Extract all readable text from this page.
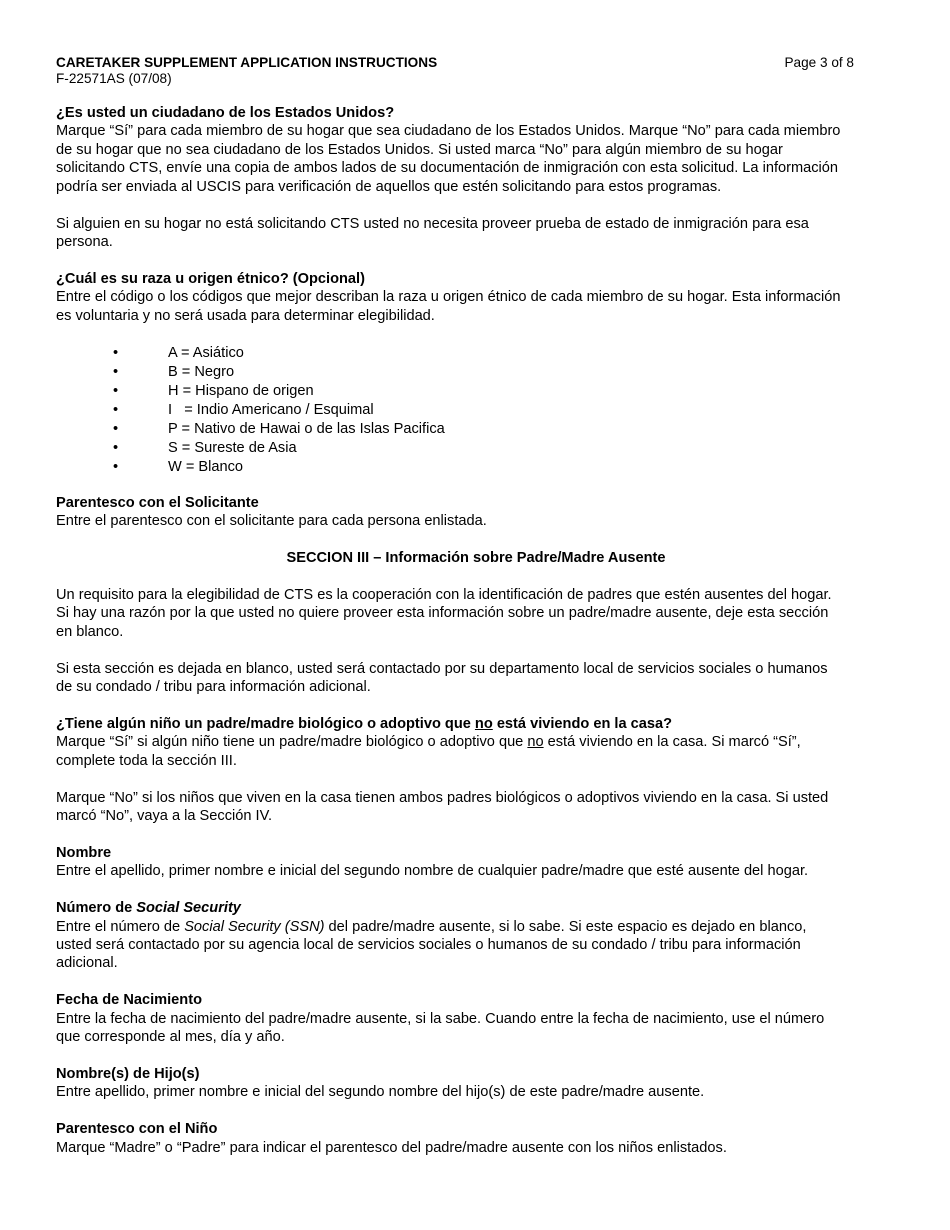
CARETAKER SUPPLEMENT APPLICATION INSTRUCTIONS	Page 3 of 8
F-22571AS (07/08)

¿Es usted un ciudadano de los Estados Unidos?

Marque “Sí” para cada miembro de su hogar que sea ciudadano de los Estados Unidos. Marque “No” para cada miembro

de su hogar que no sea ciudadano de los Estados Unidos. Si usted marca “No” para algún miembro de su hogar

solicitando CTS, envíe una copia de ambos lados de su documentación de inmigración con esta solicitud. La información

podría ser enviada al USCIS para verificación de aquellos que estén solicitando para estos programas.

Si alguien en su hogar no está solicitando CTS usted no necesita proveer prueba de estado de inmigración para esa

persona.

¿Cuál es su raza u origen étnico? (Opcional)

Entre el código o los códigos que mejor describan la raza u origen étnico de cada miembro de su hogar. Esta información

es voluntaria y no será usada para determinar elegibilidad.

•	A = Asiático
•	B = Negro
•	H = Hispano de origen
•	I   = Indio Americano / Esquimal
•	P = Nativo de Hawai o de las Islas Pacifica
•	S = Sureste de Asia
•	W = Blanco

Parentesco con el Solicitante

Entre el parentesco con el solicitante para cada persona enlistada.

SECCION III – Información sobre Padre/Madre Ausente

Un requisito para la elegibilidad de CTS es la cooperación con la identificación de padres que estén ausentes del hogar.

Si hay una razón por la que usted no quiere proveer esta información sobre un padre/madre ausente, deje esta sección

en blanco.

Si esta sección es dejada en blanco, usted será contactado por su departamento local de servicios sociales o humanos

de su condado / tribu para información adicional.

¿Tiene algún niño un padre/madre biológico o adoptivo que no está viviendo en la casa?

Marque “Sí” si algún niño tiene un padre/madre biológico o adoptivo que no está viviendo en la casa. Si marcó “Sí”,

complete toda la sección III.

Marque “No” si los niños que viven en la casa tienen ambos padres biológicos o adoptivos viviendo en la casa. Si usted

marcó “No”, vaya a la Sección IV.

Nombre

Entre el apellido, primer nombre e inicial del segundo nombre de cualquier padre/madre que esté ausente del hogar.

Número de Social Security

Entre el número de Social Security (SSN) del padre/madre ausente, si lo sabe. Si este espacio es dejado en blanco,

usted será contactado por su agencia local de servicios sociales o humanos de su condado / tribu para información

adicional.

Fecha de Nacimiento

Entre la fecha de nacimiento del padre/madre ausente, si la sabe. Cuando entre la fecha de nacimiento, use el número

que corresponde al mes, día y año.

Nombre(s) de Hijo(s)

Entre apellido, primer nombre e inicial del segundo nombre del hijo(s) de este padre/madre ausente.

Parentesco con el Niño

Marque “Madre” o “Padre” para indicar el parentesco del padre/madre ausente con los niños enlistados.
